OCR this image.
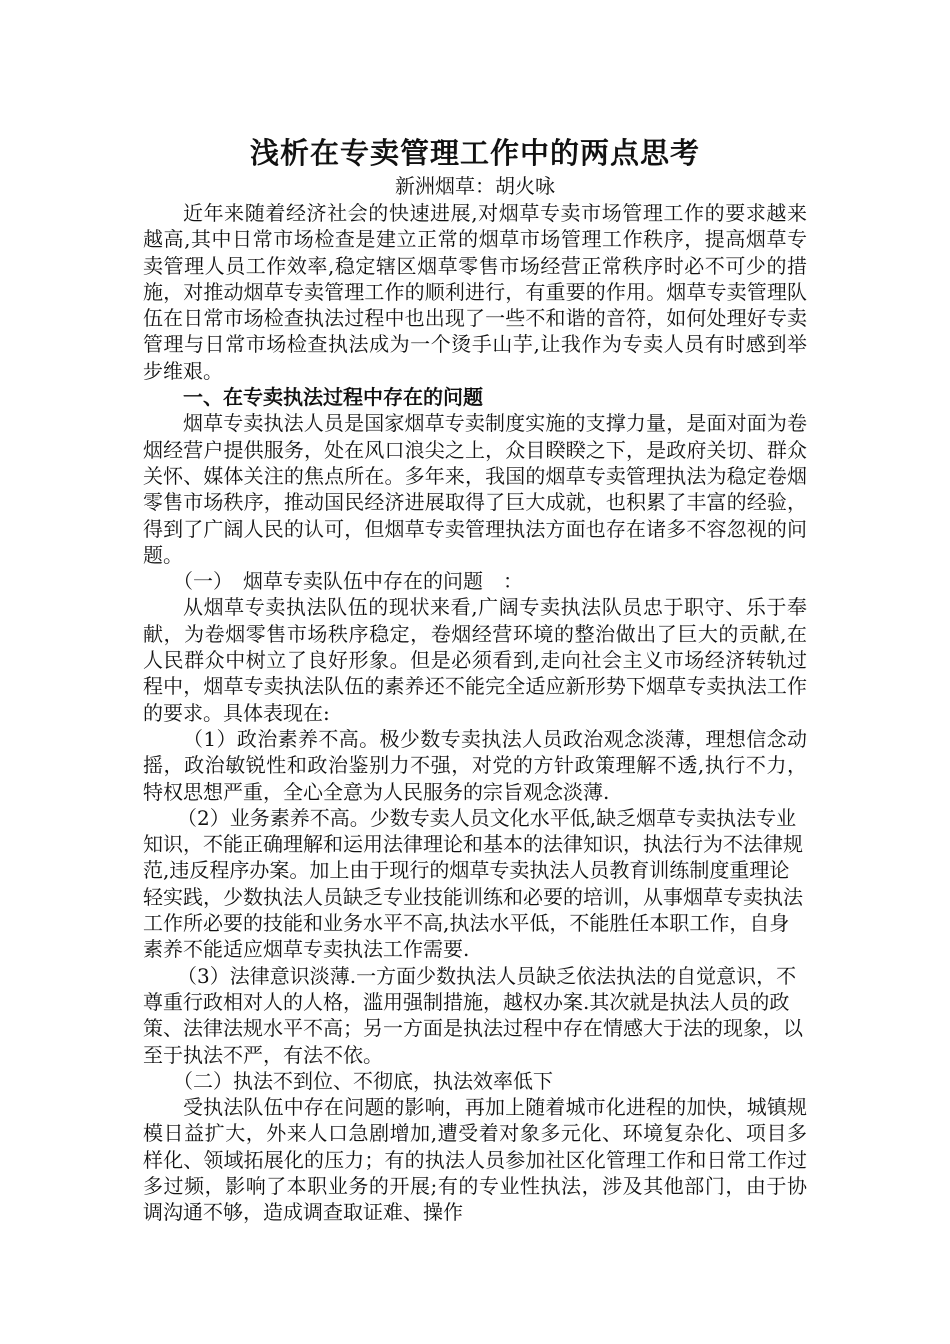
浅析在专卖管理工作中的两点思考

新洲烟草：胡火咏

近年来随着经济社会的快速进展,对烟草专卖市场管理工作的要求越来越高,其中日常市场检查是建立正常的烟草市场管理工作秩序，提高烟草专卖管理人员工作效率,稳定辖区烟草零售市场经营正常秩序时必不可少的措施，对推动烟草专卖管理工作的顺利进行，有重要的作用。烟草专卖管理队伍在日常市场检查执法过程中也出现了一些不和谐的音符，如何处理好专卖管理与日常市场检查执法成为一个烫手山芋,让我作为专卖人员有时感到举步维艰。

一、在专卖执法过程中存在的问题

烟草专卖执法人员是国家烟草专卖制度实施的支撑力量，是面对面为卷烟经营户提供服务，处在风口浪尖之上，众目睽睽之下，是政府关切、群众关怀、媒体关注的焦点所在。多年来，我国的烟草专卖管理执法为稳定卷烟零售市场秩序，推动国民经济进展取得了巨大成就，也积累了丰富的经验，得到了广阔人民的认可，但烟草专卖管理执法方面也存在诸多不容忽视的问题。

（一）　烟草专卖队伍中存在的问题　：

从烟草专卖执法队伍的现状来看,广阔专卖执法队员忠于职守、乐于奉献，为卷烟零售市场秩序稳定，卷烟经营环境的整治做出了巨大的贡献,在人民群众中树立了良好形象。但是必须看到,走向社会主义市场经济转轨过程中，烟草专卖执法队伍的素养还不能完全适应新形势下烟草专卖执法工作的要求。具体表现在:

（1）政治素养不高。极少数专卖执法人员政治观念淡薄，理想信念动摇，政治敏锐性和政治鉴别力不强，对党的方针政策理解不透,执行不力，特权思想严重，全心全意为人民服务的宗旨观念淡薄.

（2）业务素养不高。少数专卖人员文化水平低,缺乏烟草专卖执法专业知识，不能正确理解和运用法律理论和基本的法律知识，执法行为不法律规范,违反程序办案。加上由于现行的烟草专卖执法人员教育训练制度重理论轻实践，少数执法人员缺乏专业技能训练和必要的培训，从事烟草专卖执法工作所必要的技能和业务水平不高,执法水平低，不能胜任本职工作，自身素养不能适应烟草专卖执法工作需要.

（3）法律意识淡薄.一方面少数执法人员缺乏依法执法的自觉意识，不尊重行政相对人的人格，滥用强制措施，越权办案.其次就是执法人员的政策、法律法规水平不高；另一方面是执法过程中存在情感大于法的现象，以至于执法不严，有法不依。

（二）执法不到位、不彻底，执法效率低下

受执法队伍中存在问题的影响，再加上随着城市化进程的加快，城镇规模日益扩大，外来人口急剧增加,遭受着对象多元化、环境复杂化、项目多样化、领域拓展化的压力；有的执法人员参加社区化管理工作和日常工作过多过频，影响了本职业务的开展;有的专业性执法，涉及其他部门，由于协调沟通不够，造成调查取证难、操作
